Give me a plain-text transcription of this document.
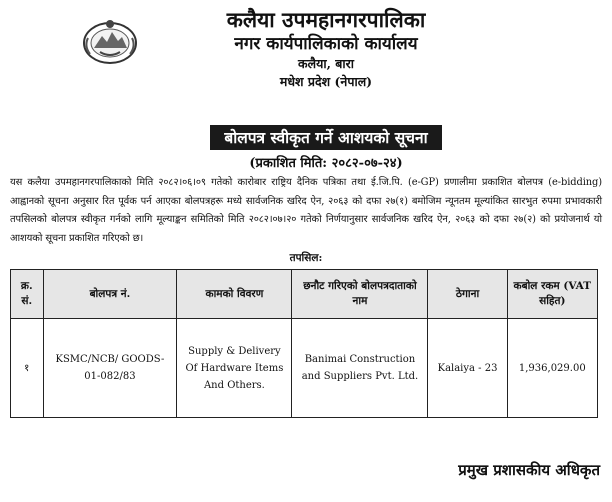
कलैया उपमहानगरपालिका
नगर कार्यपालिकाको कार्यालय
कलैया, बारा
मधेश प्रदेश (नेपाल)
बोलपत्र स्वीकृत गर्ने आशयको सूचना
(प्रकाशित मिति: २०८२-०७-२४)

यस कलैया उपमहानगरपालिकाको मिति २०८२।०६।०९ गतेको कारोबार राष्ट्रिय दैनिक पत्रिका तथा ई.जि.पि. (e-GP) प्रणालीमा प्रकाशित बोलपत्र (e-bidding) आह्वानको सूचना अनुसार रित पूर्वक पर्न आएका बोलपत्रहरू मध्ये सार्वजनिक खरिद ऐन, २०६३ को दफा २७(१) बमोजिम न्यूनतम मूल्यांकित सारभुत रुपमा प्रभावकारी तपसिलको बोलपत्र स्वीकृत गर्नको लागि मूल्याङ्कन समितिको मिति २०८२।०७।२० गतेको निर्णयानुसार सार्वजनिक खरिद ऐन, २०६३ को दफा २७(२) को प्रयोजनार्थ यो आशयको सूचना प्रकाशित गरिएको छ।

तपसिल:
क्र. सं.	बोलपत्र नं.	कामको विवरण	छनौट गरिएको बोलपत्रदाताको नाम	ठेगाना	कबोल रकम (VAT सहित)
१	KSMC/NCB/ GOODS-01-082/83	Supply & Delivery Of Hardware Items And Others.	Banimai Construction and Suppliers Pvt. Ltd.	Kalaiya - 23	1,936,029.00
प्रमुख प्रशासकीय अधिकृत
